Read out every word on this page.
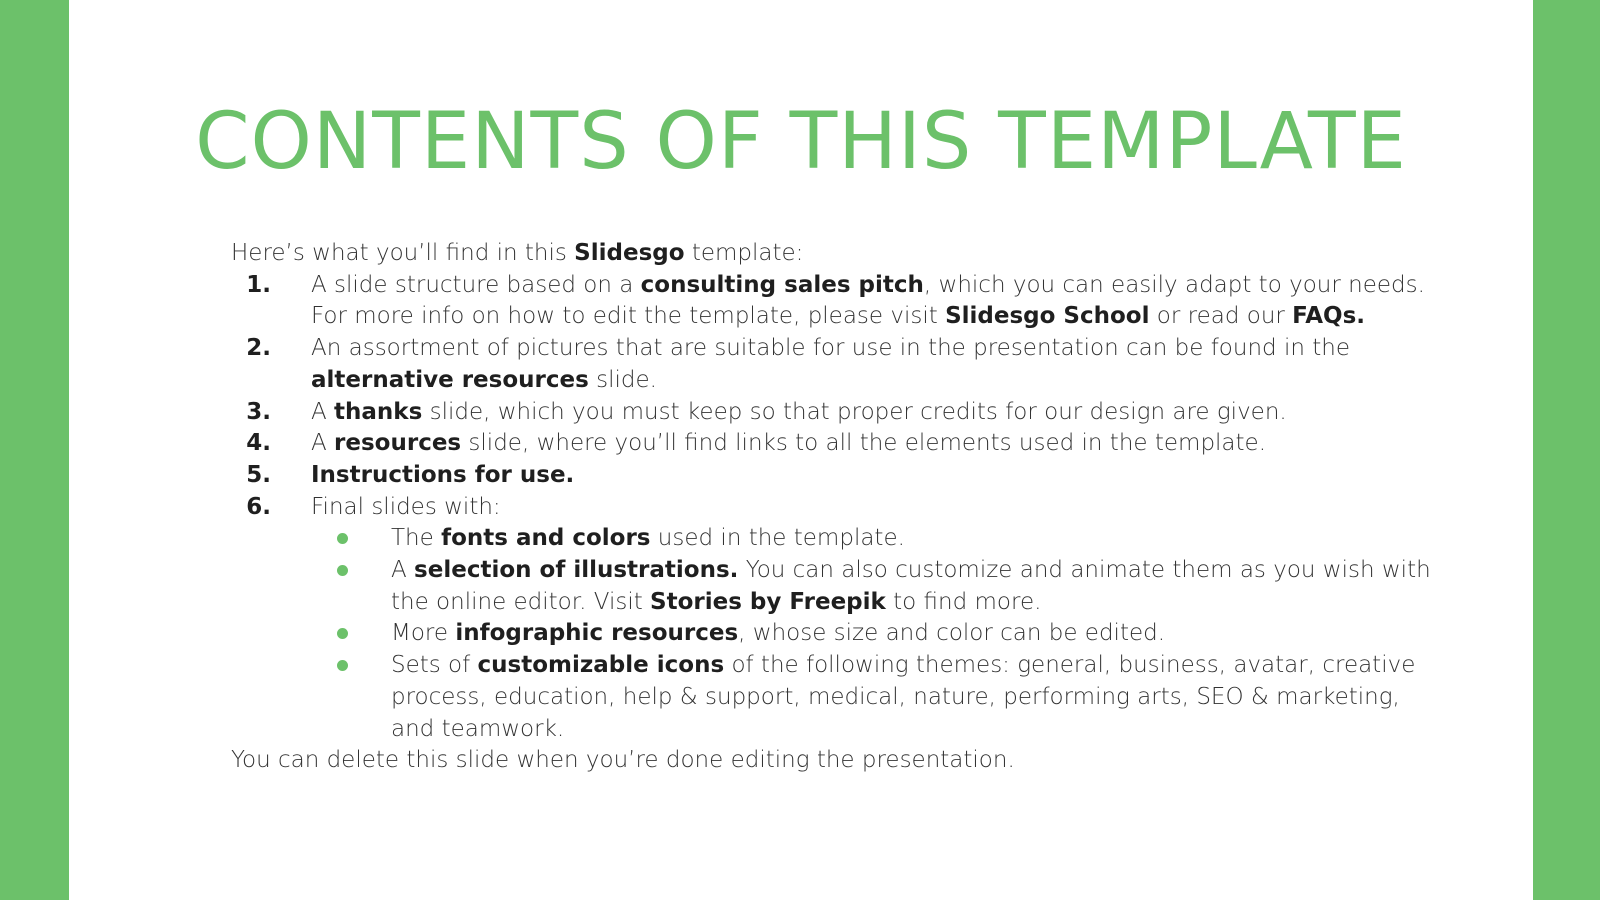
CONTENTS OF THIS TEMPLATE
Here’s what you’ll find in this Slidesgo template:
1. A slide structure based on a consulting sales pitch, which you can easily adapt to your needs.
For more info on how to edit the template, please visit Slidesgo School or read our FAQs.
2. An assortment of pictures that are suitable for use in the presentation can be found in the
alternative resources slide.
3. A thanks slide, which you must keep so that proper credits for our design are given.
4. A resources slide, where you’ll find links to all the elements used in the template.
5. Instructions for use.
6. Final slides with:
The fonts and colors used in the template.
A selection of illustrations. You can also customize and animate them as you wish with
the online editor. Visit Stories by Freepik to find more.
More infographic resources, whose size and color can be edited.
Sets of customizable icons of the following themes: general, business, avatar, creative
process, education, help & support, medical, nature, performing arts, SEO & marketing,
and teamwork.
You can delete this slide when you’re done editing the presentation.
